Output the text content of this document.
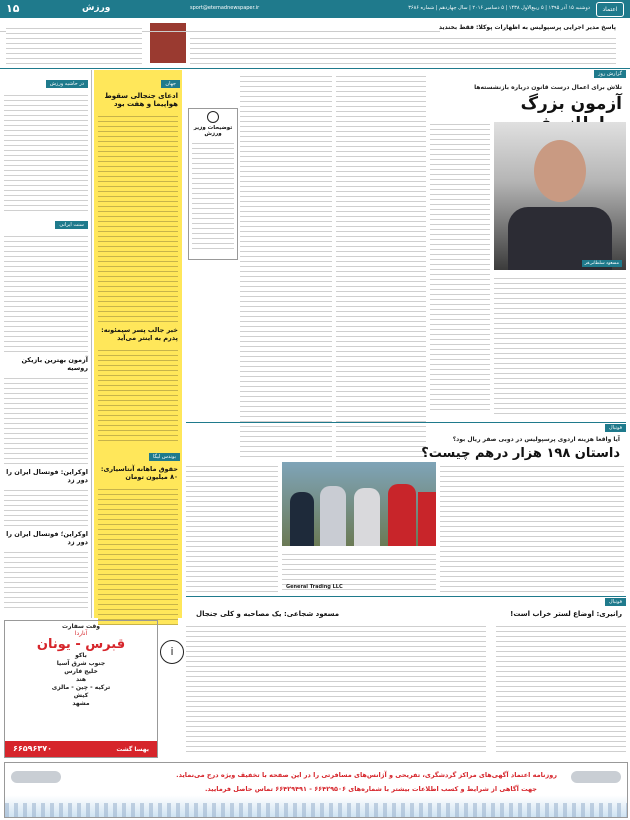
۱۵	ورزش	sport@etemadnewspaper.ir	دوشنبه ۱۵ آذر ۱۳۹۵ | ۵ ربیع‌الاول ۱۴۳۸ | ۵ دسامبر ۲۰۱۶ | سال چهاردهم | شماره ۳۶۸۶	اعتماد
پاسخ مدیر اجرایی پرسپولیس به اظهارات پوکلا: فقط بخندید
در حاشیه ورزش
سنت ایرانی
آزمون بهترین بازیکن روسیه
اوکراین: فوتسال ایران را دور زد
اوکراین؛ فوتسال ایران را دور زد
جهان
ادعای جنجالی سقوط هواپیما و هفت بود
خبر جالب پسر سیمئونه: پدرم به اینتر می‌آید
بوندس لیگا
حقوق ماهانه آنتاسیاری: ۸۰ میلیون تومان
توضیحات وزیر ورزش
گزارش روز
تلاش برای اعمال درست قانون درباره بازنشسته‌ها
آزمون بزرگ
مسعود سلطانی‌فر
فوتبال
آیا واقعا هزینه اردوی پرسپولیس در دوبی صفر ریال بود؟
داستان ۱۹۸ هزار درهم چیست؟
General Trading LLC
فوتبال
رانیری: اوضاع لستر خراب است!
مسعود شجاعی: یک مصاحبه و کلی جنجال
وقت سفارت
آناردا
قبرس - یونان
باکو
جنوب شرق آسیا
خلیج فارس
هند
ترکیه - چین - مالزی
کیش
مشهد
۶۶۵۹۶۳۷۰	بهسا گشت
i
روزنامه اعتماد آگهی‌های مراکز گردشگری، تفریحی و آژانس‌های مسافرتی را در این صفحه با تخفیف ویژه درج می‌نماید.
جهت آگاهی از شرایط و کسب اطلاعات بیشتر با شماره‌های ۶۶۴۲۹۵۰۶ - ۶۶۴۲۹۴۹۱ تماس حاصل فرمایید.
